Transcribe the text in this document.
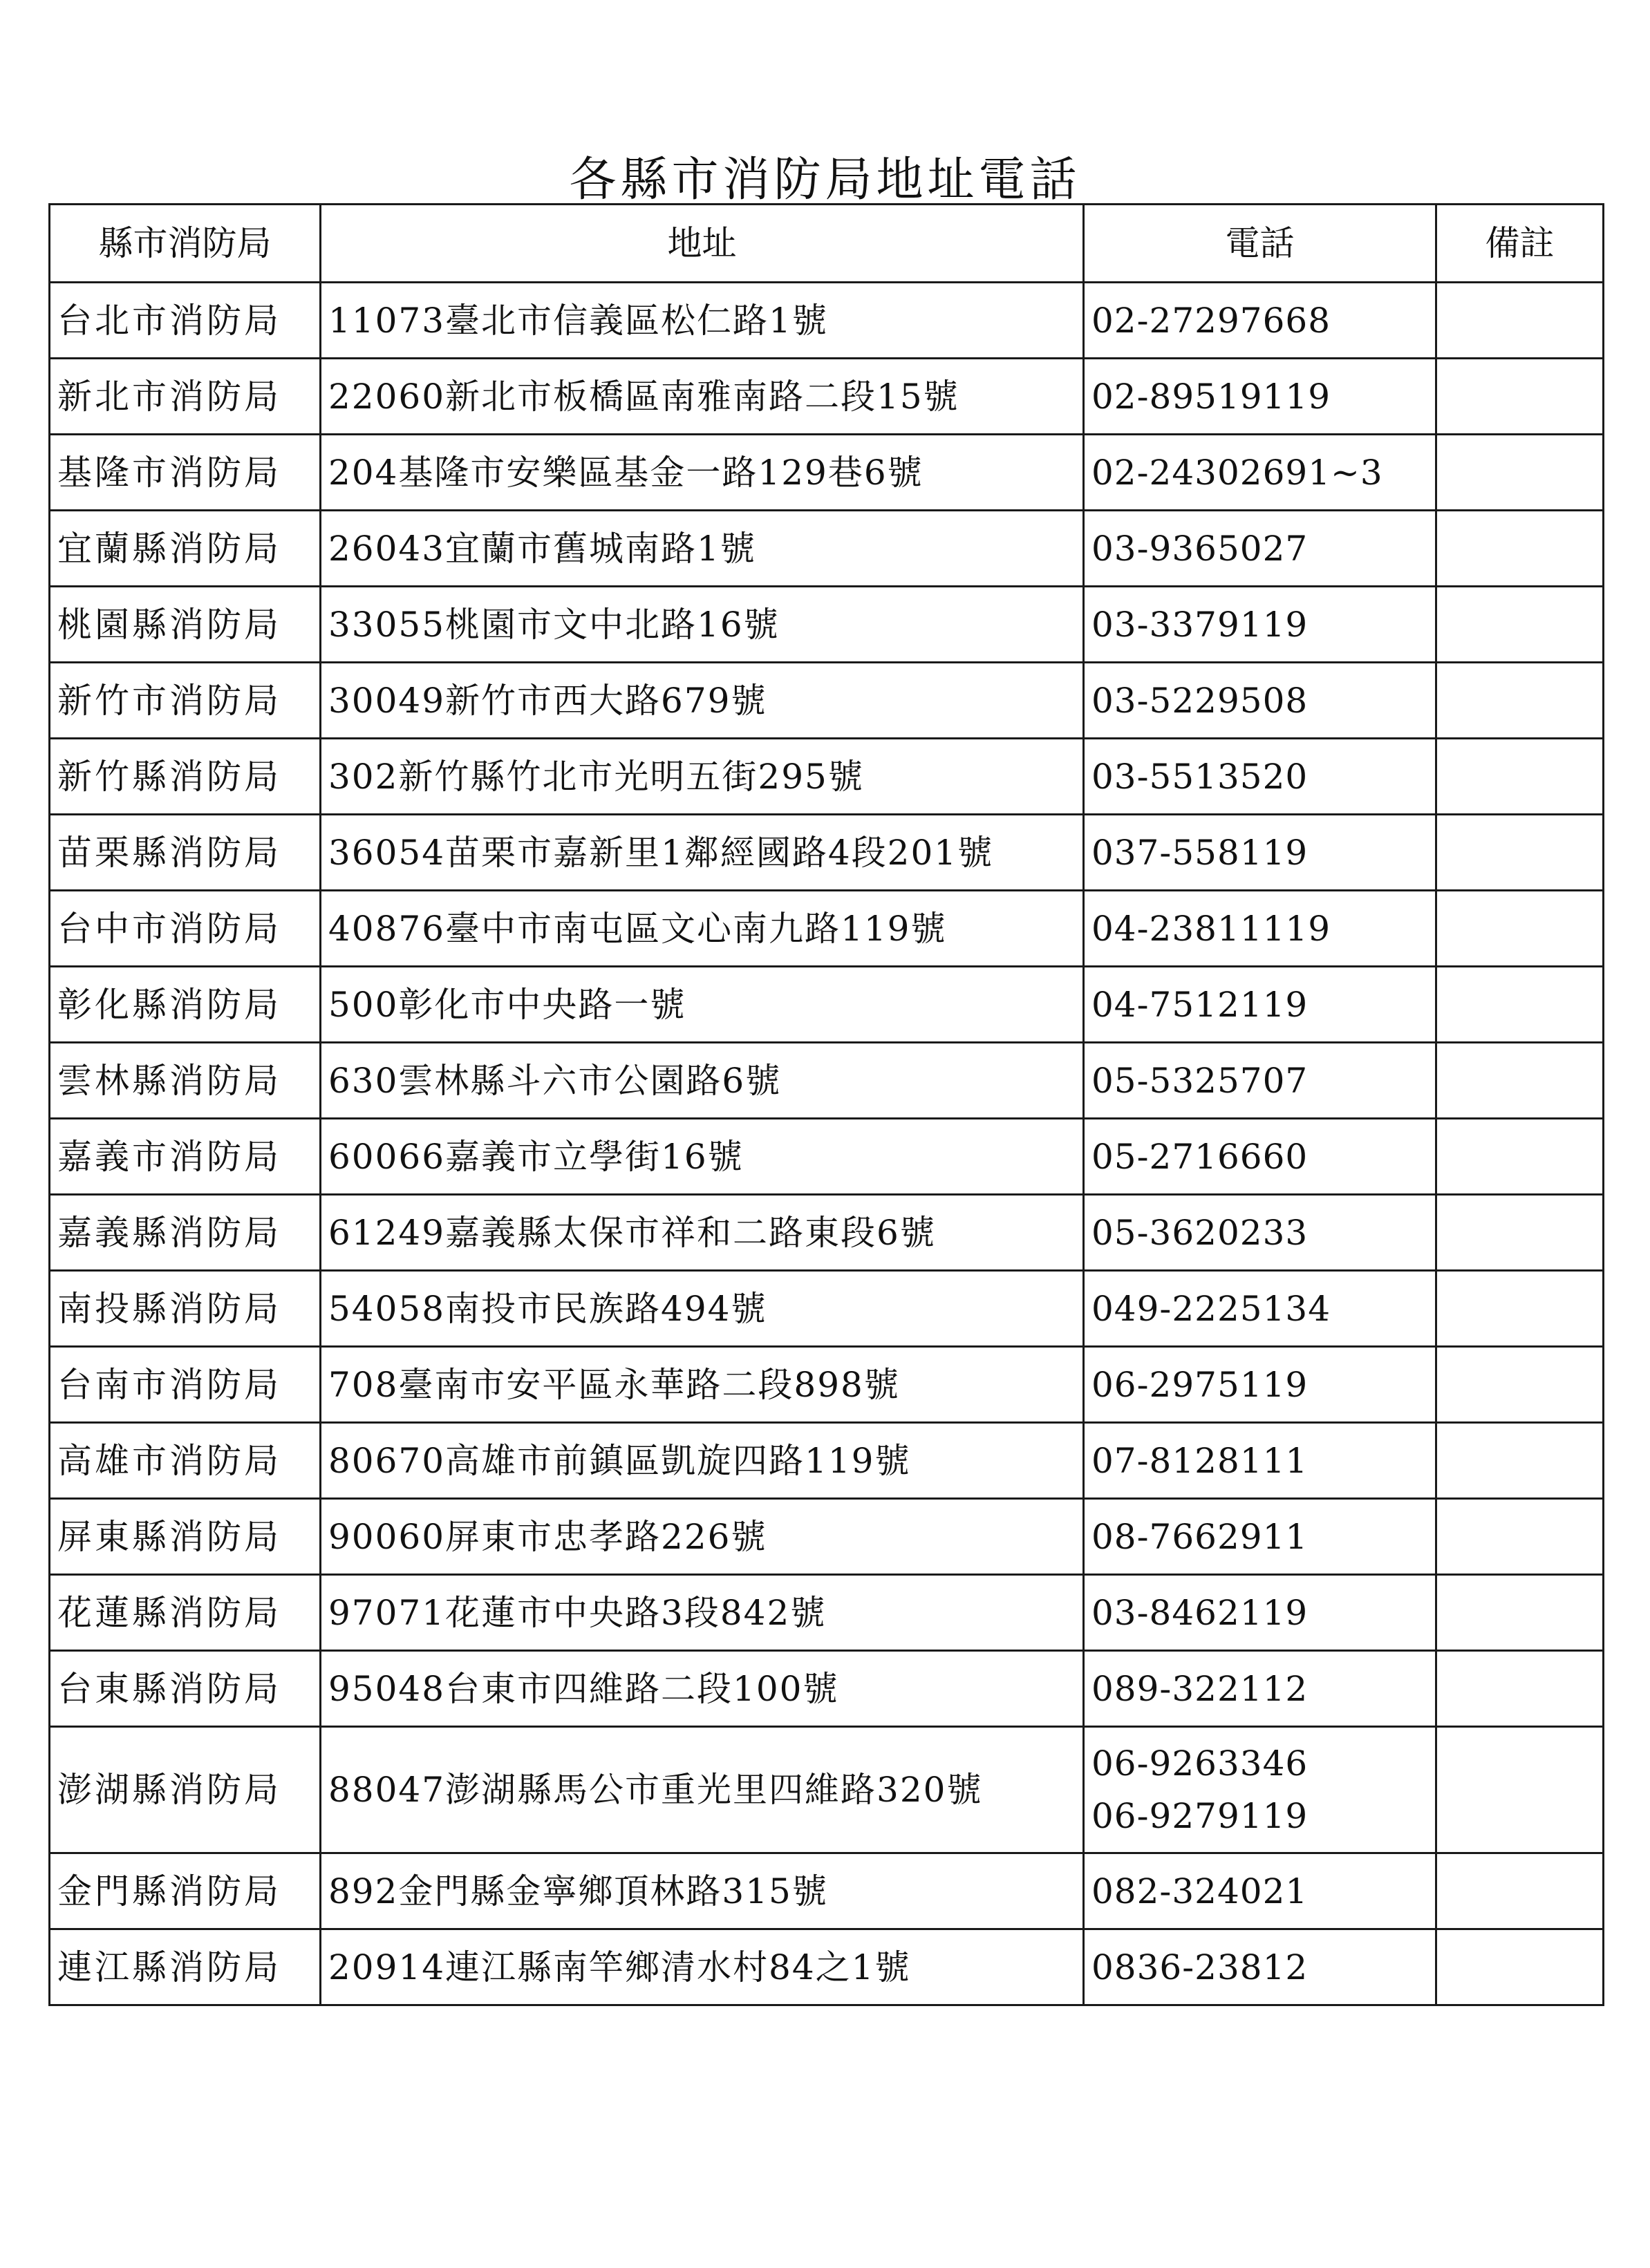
各縣市消防局地址電話
縣市消防局	地址	電話	備註
台北市消防局	11073臺北市信義區松仁路1號	02-27297668	

新北市消防局	22060新北市板橋區南雅南路二段15號	02-89519119	

基隆市消防局	204基隆市安樂區基金一路129巷6號	02-24302691~3	

宜蘭縣消防局	26043宜蘭市舊城南路1號	03-9365027	

桃園縣消防局	33055桃園市文中北路16號	03-3379119	

新竹市消防局	30049新竹市西大路679號	03-5229508	

新竹縣消防局	302新竹縣竹北市光明五街295號	03-5513520	

苗栗縣消防局	36054苗栗市嘉新里1鄰經國路4段201號	037-558119	

台中市消防局	40876臺中市南屯區文心南九路119號	04-23811119	

彰化縣消防局	500彰化市中央路一號	04-7512119	

雲林縣消防局	630雲林縣斗六市公園路6號	05-5325707	

嘉義市消防局	60066嘉義市立學街16號	05-2716660	

嘉義縣消防局	61249嘉義縣太保市祥和二路東段6號	05-3620233	

南投縣消防局	54058南投市民族路494號	049-2225134	

台南市消防局	708臺南市安平區永華路二段898號	06-2975119	

高雄市消防局	80670高雄市前鎮區凱旋四路119號	07-8128111	

屏東縣消防局	90060屏東市忠孝路226號	08-7662911	

花蓮縣消防局	97071花蓮市中央路3段842號	03-8462119	

台東縣消防局	95048台東市四維路二段100號	089-322112	

澎湖縣消防局	88047澎湖縣馬公市重光里四維路320號	06-9263346
06-9279119	

金門縣消防局	892金門縣金寧鄉頂林路315號	082-324021	

連江縣消防局	20914連江縣南竿鄉清水村84之1號	0836-23812	
